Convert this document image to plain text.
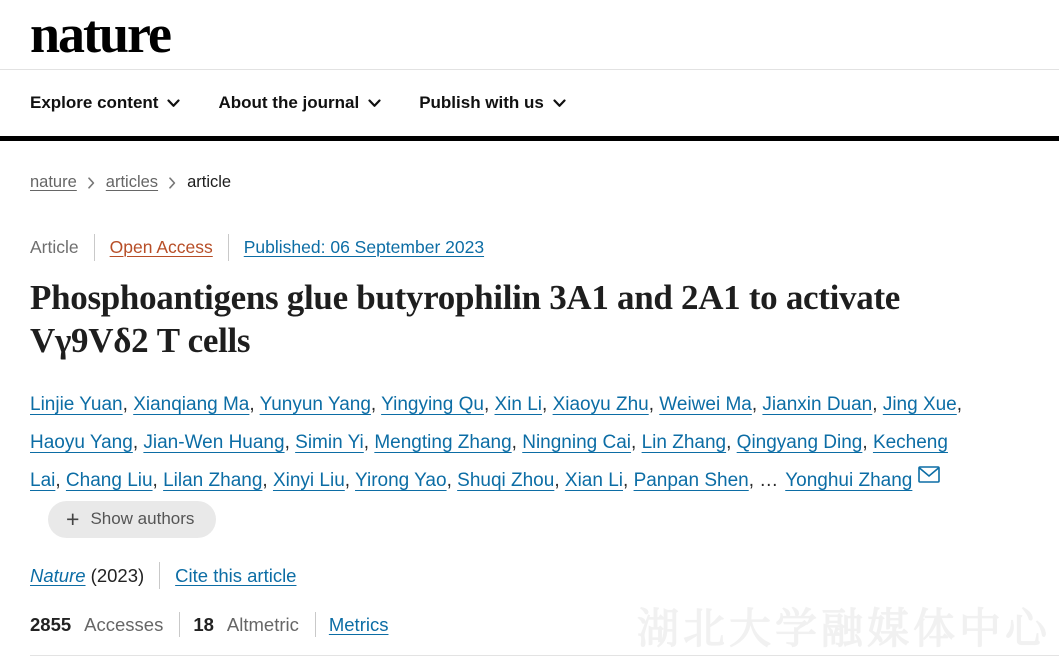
nature
Explore content	About the journal	Publish with us
nature articles article
Article Open Access Published: 06 September 2023
Phosphoantigens glue butyrophilin 3A1 and 2A1 to activate Vγ9Vδ2 T cells

Linjie Yuan, Xianqiang Ma, Yunyun Yang, Yingying Qu, Xin Li, Xiaoyu Zhu, Weiwei Ma, Jianxin Duan, Jing Xue, Haoyu Yang, Jian-Wen Huang, Simin Yi, Mengting Zhang, Ningning Cai, Lin Zhang, Qingyang Ding, Kecheng Lai, Chang Liu, Lilan Zhang, Xinyi Liu, Yirong Yao, Shuqi Zhou, Xian Li, Panpan Shen, … Yonghui Zhang
+ Show authors

Nature (2023) Cite this article
2855 Accesses 18 Altmetric Metrics	湖北大学融媒体中心
